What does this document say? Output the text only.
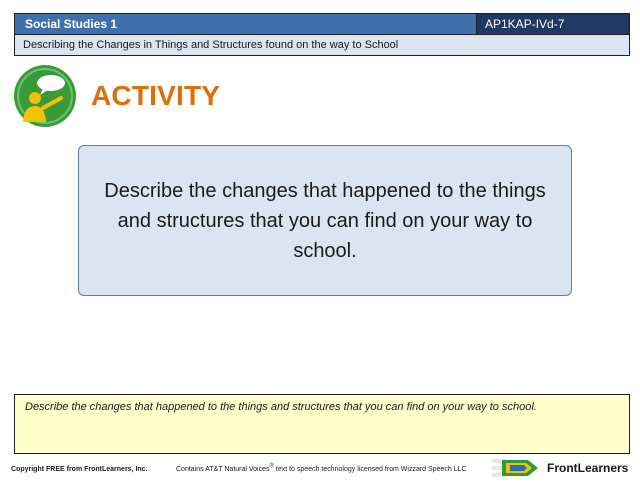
Social Studies 1	AP1KAP-IVd-7
Describing the Changes in Things and Structures found on the way to School
ACTIVITY
Describe the changes that happened to the things and structures that you can find on your way to school.
Describe the changes that happened to the things and structures that you can find on your way to school.
Copyright FREE from FrontLearners, Inc.	Contains AT&T Natural Voices® text to speech technology licensed from Wizzard Speech LLC	FrontLearners
